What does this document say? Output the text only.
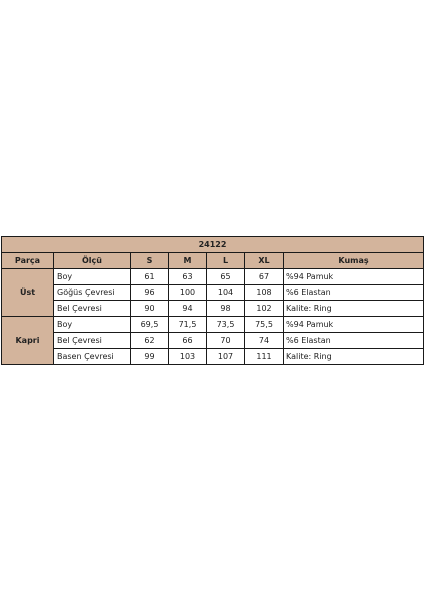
24122						
Parça	Ölçü	S	M	L	XL	Kumaş
Üst	Boy	61	63	65	67	%94 Pamuk
	Göğüs Çevresi	96	100	104	108	%6 Elastan
	Bel Çevresi	90	94	98	102	Kalite: Ring
Kapri	Boy	69,5	71,5	73,5	75,5	%94 Pamuk
	Bel Çevresi	62	66	70	74	%6 Elastan
	Basen Çevresi	99	103	107	111	Kalite: Ring
